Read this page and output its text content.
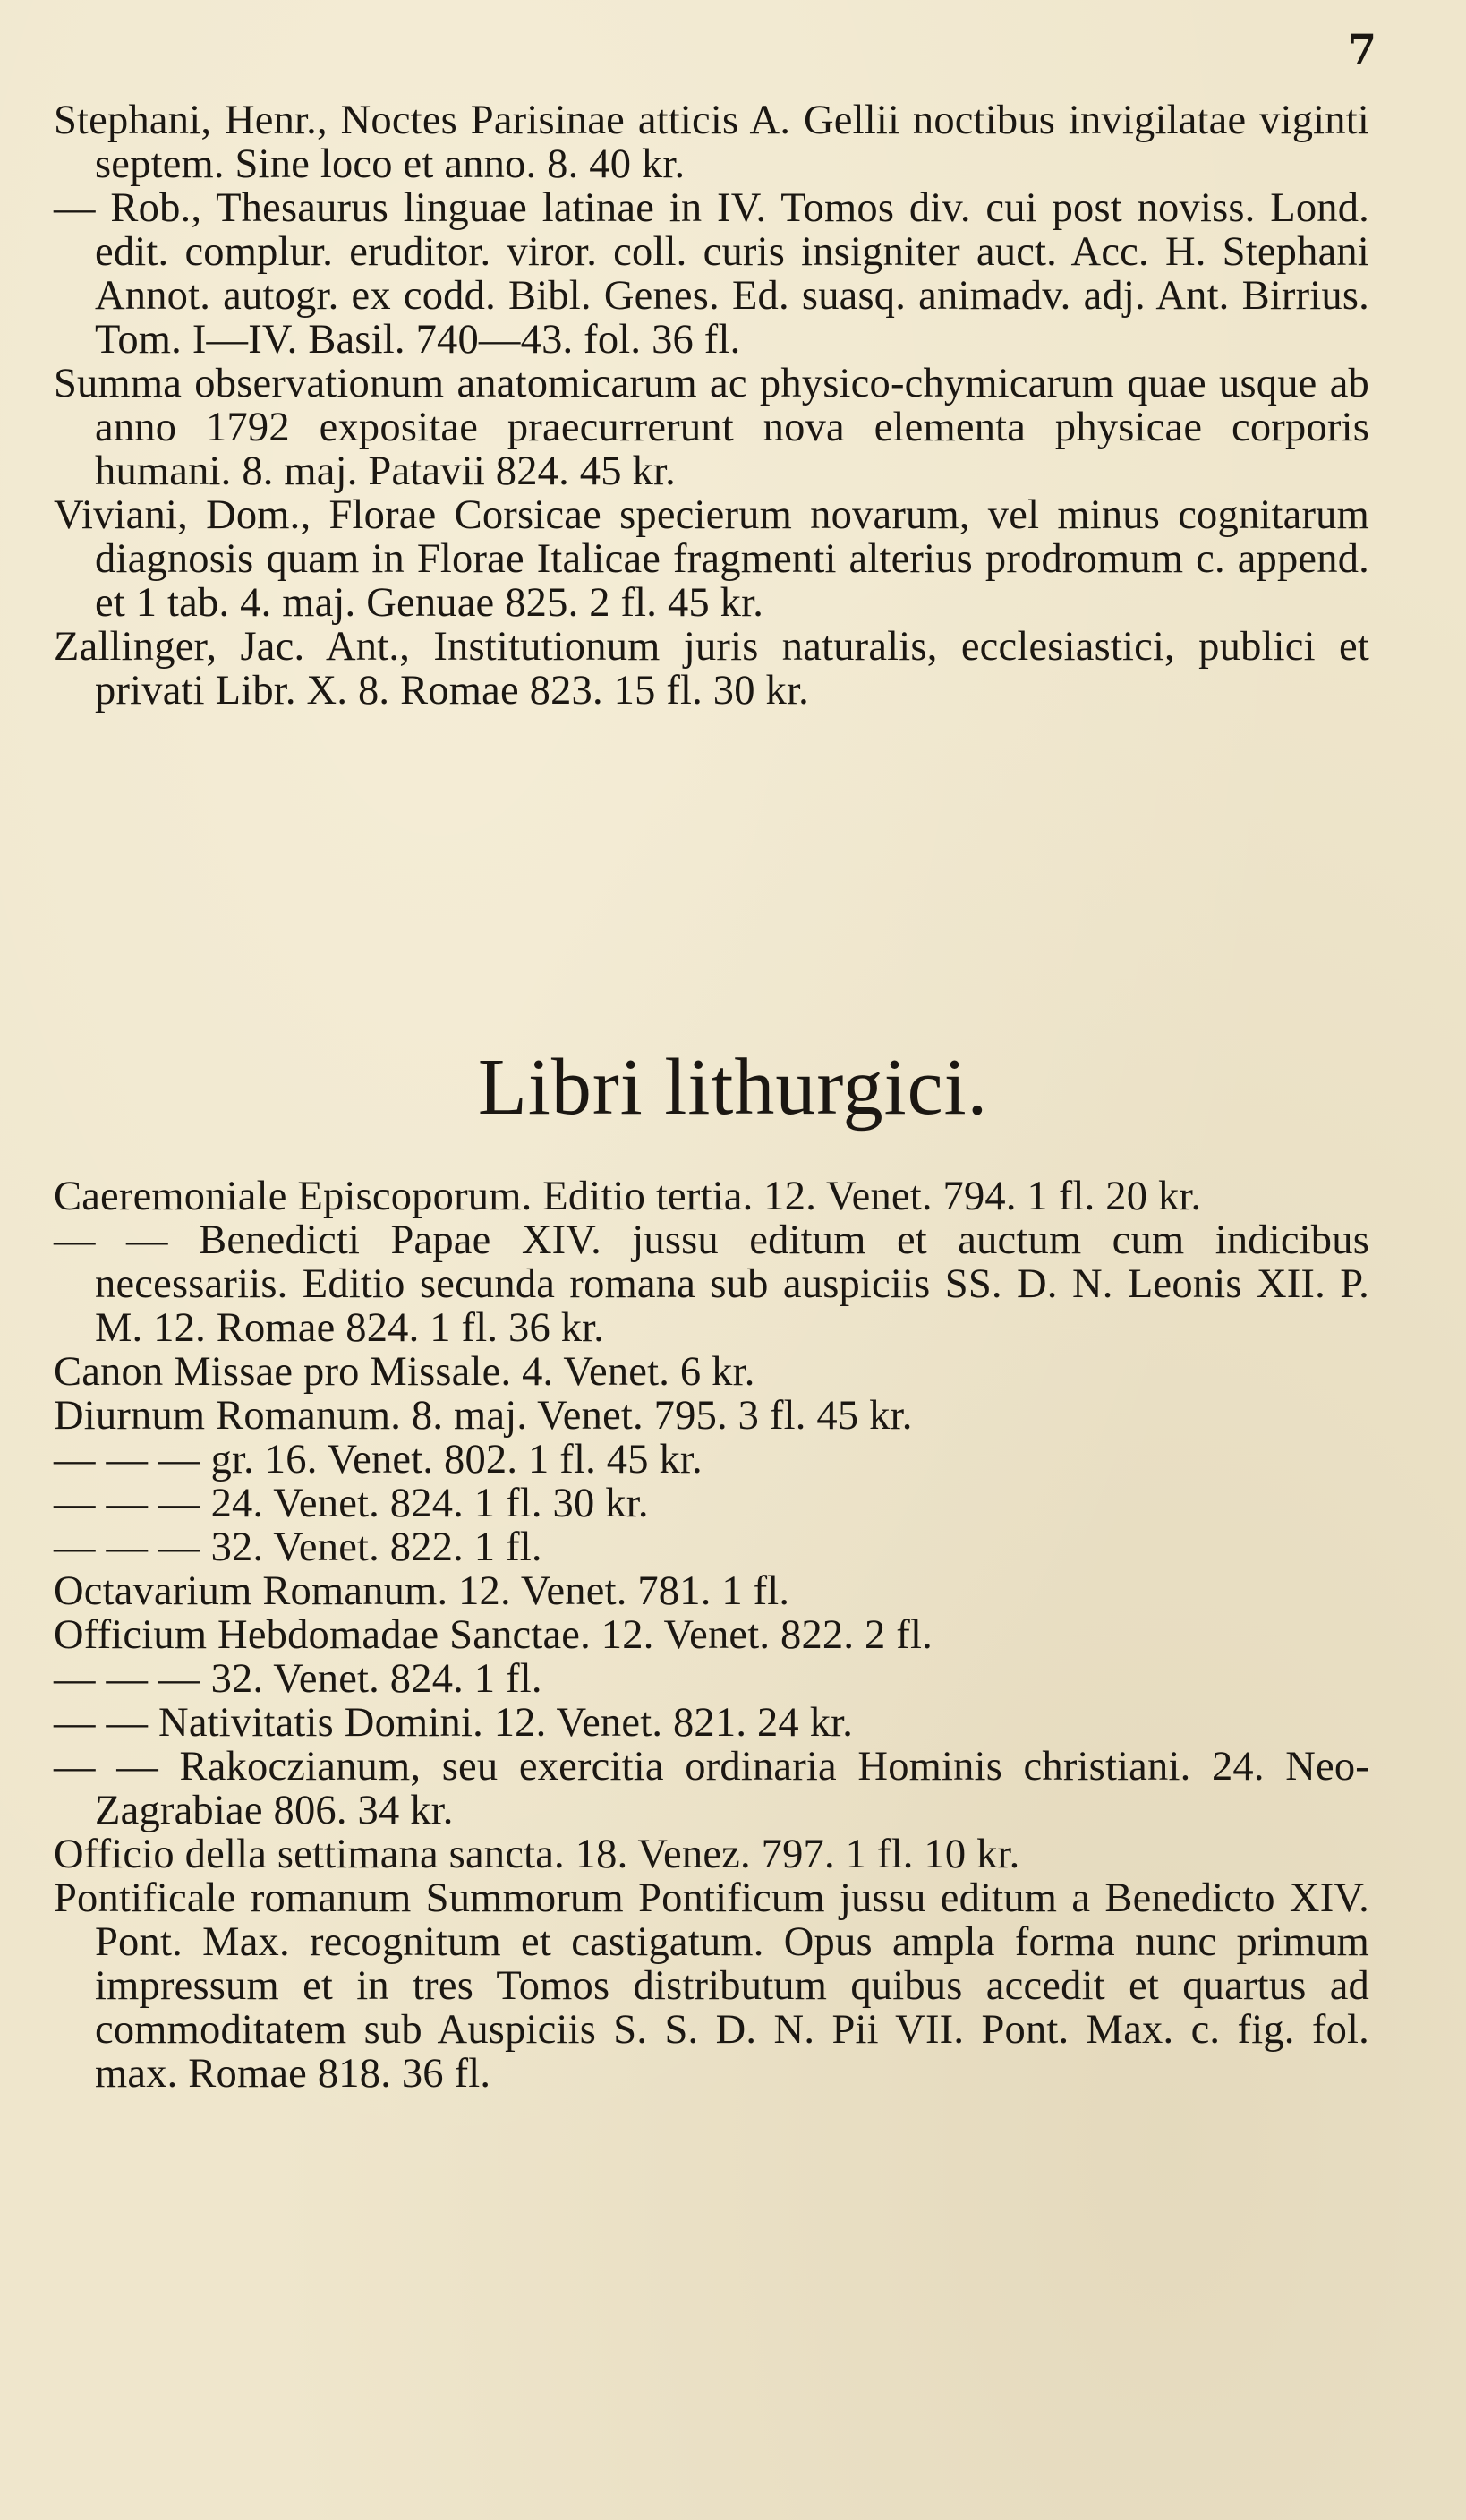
7

Stephani, Henr., Noctes Parisinae atticis A. Gellii noctibus invigilatae viginti septem. Sine loco et anno. 8. 40 kr.

— Rob., Thesaurus linguae latinae in IV. Tomos div. cui post noviss. Lond. edit. complur. eruditor. viror. coll. curis insigniter auct. Acc. H. Stephani Annot. autogr. ex codd. Bibl. Genes. Ed. suasq. animadv. adj. Ant. Birrius. Tom. I—IV. Basil. 740—43. fol. 36 fl.

Summa observationum anatomicarum ac physico-chymicarum quae usque ab anno 1792 expositae praecurrerunt nova elementa physicae corporis humani. 8. maj. Patavii 824. 45 kr.

Viviani, Dom., Florae Corsicae specierum novarum, vel minus cognitarum diagnosis quam in Florae Italicae fragmenti alterius prodromum c. append. et 1 tab. 4. maj. Genuae 825. 2 fl. 45 kr.

Zallinger, Jac. Ant., Institutionum juris naturalis, ecclesiastici, publici et privati Libr. X. 8. Romae 823. 15 fl. 30 kr.

Libri lithurgici.

Caeremoniale Episcoporum. Editio tertia. 12. Venet. 794. 1 fl. 20 kr.

— — Benedicti Papae XIV. jussu editum et auctum cum indicibus necessariis. Editio secunda romana sub auspiciis SS. D. N. Leonis XII. P. M. 12. Romae 824. 1 fl. 36 kr.

Canon Missae pro Missale. 4. Venet. 6 kr.

Diurnum Romanum. 8. maj. Venet. 795. 3 fl. 45 kr.

— — — gr. 16. Venet. 802. 1 fl. 45 kr.

— — — 24. Venet. 824. 1 fl. 30 kr.

— — — 32. Venet. 822. 1 fl.

Octavarium Romanum. 12. Venet. 781. 1 fl.

Officium Hebdomadae Sanctae. 12. Venet. 822. 2 fl.

— — — 32. Venet. 824. 1 fl.

— — Nativitatis Domini. 12. Venet. 821. 24 kr.

— — Rakoczianum, seu exercitia ordinaria Hominis christiani. 24. Neo-Zagrabiae 806. 34 kr.

Officio della settimana sancta. 18. Venez. 797. 1 fl. 10 kr.

Pontificale romanum Summorum Pontificum jussu editum a Benedicto XIV. Pont. Max. recognitum et castigatum. Opus ampla forma nunc primum impressum et in tres Tomos distributum quibus accedit et quartus ad commoditatem sub Auspiciis S. S. D. N. Pii VII. Pont. Max. c. fig. fol. max. Romae 818. 36 fl.
